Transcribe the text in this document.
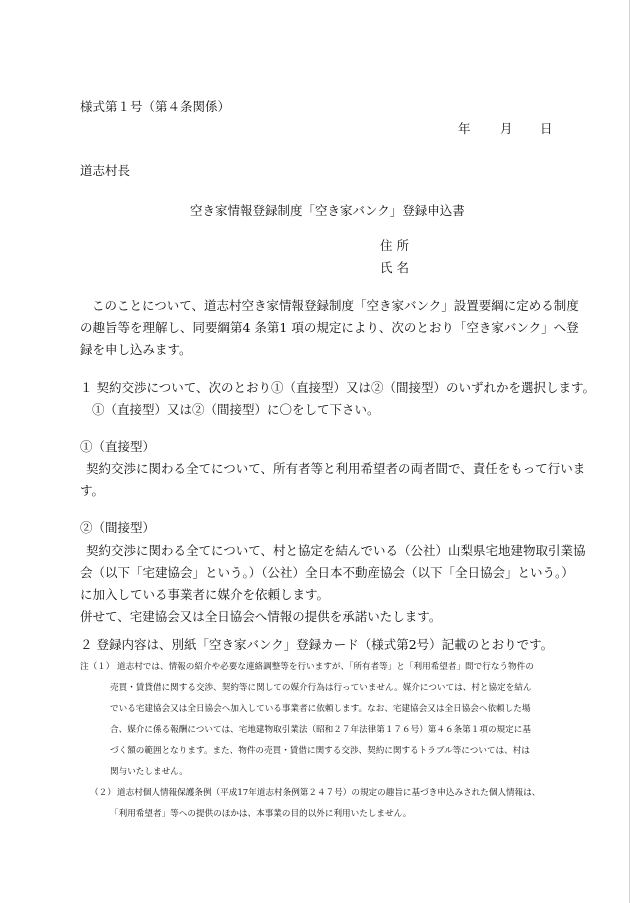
様式第１号（第４条関係）
年 月 日
道志村長
空き家情報登録制度「空き家バンク」登録申込書
住 所
氏 名
このことについて、道志村空き家情報登録制度「空き家バンク」設置要綱に定める制度
の趣旨等を理解し、同要綱第4 条第1 項の規定により、次のとおり「空き家バンク」へ登
録を申し込みます。
１ 契約交渉について、次のとおり①（直接型）又は②（間接型）のいずれかを選択します。
①（直接型）又は②（間接型）に〇をして下さい。
①（直接型）
契約交渉に関わる全てについて、所有者等と利用希望者の両者間で、責任をもって行いま
す。
②（間接型）
契約交渉に関わる全てについて、村と協定を結んでいる（公社）山梨県宅地建物取引業協
会（以下「宅建協会」という。）（公社）全日本不動産協会（以下「全日協会」という。）
に加入している事業者に媒介を依頼します。
併せて、宅建協会又は全日協会へ情報の提供を承諾いたします。
２ 登録内容は、別紙「空き家バンク」登録カード（様式第2号）記載のとおりです。
注（１） 道志村では、情報の紹介や必要な連絡調整等を行いますが、「所有者等」と「利用希望者」間で行なう物件の
売買・賃貸借に関する交渉、契約等に関しての媒介行為は行っていません。媒介については、村と協定を結ん
でいる宅建協会又は全日協会へ加入している事業者に依頼します。なお、宅建協会又は全日協会へ依頼した場
合、媒介に係る報酬については、宅地建物取引業法（昭和２７年法律第１７６号）第４６条第１項の規定に基
づく額の範囲となります。また、物件の売買・賃借に関する交渉、契約に関するトラブル等については、村は
関与いたしません。
（２） 道志村個人情報保護条例（平成17年道志村条例第２４７号）の規定の趣旨に基づき申込みされた個人情報は、
「利用希望者」等への提供のほかは、本事業の目的以外に利用いたしません。
